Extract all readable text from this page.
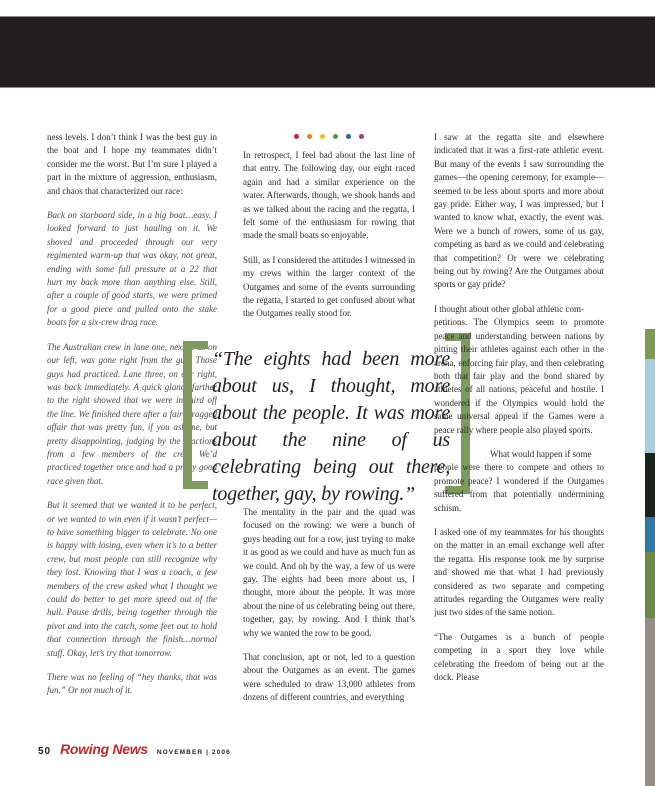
ness levels. I don’t think I was the best guy in the boat and I hope my teammates didn’t consider me the worst. But I’m sure I played a part in the mixture of aggression, enthusiasm, and chaos that characterized our race:

Back on starboard side, in a big boat…easy. I looked forward to just hauling on it. We shoved and proceeded through our very regimented warm-up that was okay, not great, ending with some full pressure at a 22 that hurt my back more than anything else. Still, after a couple of good starts, we were primed for a good piece and pulled onto the stake boats for a six-crew drag race.

The Australian crew in lane one, next to us on our left, was gone right from the gun. Those guys had practiced. Lane three, on our right, was back immediately. A quick glance farther to the right showed that we were in third off the line. We finished there after a fairly ragged affair that was pretty fun, if you ask me, but pretty disappointing, judging by the reactions from a few members of the crew. We’d practiced together once and had a pretty good race given that.

But it seemed that we wanted it to be perfect, or we wanted to win even if it wasn’t perfect—to have something bigger to celebrate. No one is happy with losing, even when it’s to a better crew, but most people can still recognize why they lost. Knowing that I was a coach, a few members of the crew asked what I thought we could do better to get more speed out of the hull. Pause drills, being together through the pivot and into the catch, some feet out to hold that connection through the finish…normal stuff. Okay, let’s try that tomorrow.

There was no feeling of “hey thanks, that was fun.” Or not much of it.

In retrospect, I feel bad about the last line of that entry. The following day, our eight raced again and had a similar experience on the water. Afterwards, though, we shook hands and as we talked about the racing and the regatta, I felt some of the enthusiasm for rowing that made the small boats so enjoyable.

Still, as I considered the attitudes I witnessed in my crews within the larger context of the Outgames and some of the events surrounding the regatta, I started to get confused about what the Outgames really stood for.

“The eights had been more about us, I thought, more about the people. It was more about the nine of us celebrating being out there, together, gay, by rowing.”

The mentality in the pair and the quad was focused on the rowing: we were a bunch of guys heading out for a row, just trying to make it as good as we could and have as much fun as we could. And oh by the way, a few of us were gay. The eights had been more about us, I thought, more about the people. It was more about the nine of us celebrating being out there, together, gay, by rowing. And I think that’s why we wanted the row to be good.

That conclusion, apt or not, led to a question about the Outgames as an event. The games were scheduled to draw 13,000 athletes from dozens of different countries, and everything

I saw at the regatta site and elsewhere indicated that it was a first-rate athletic event. But many of the events I saw surrounding the games—the opening ceremony, for example—seemed to be less about sports and more about gay pride. Either way, I was impressed, but I wanted to know what, exactly, the event was. Were we a bunch of rowers, some of us gay, competing as hard as we could and celebrating that competition? Or were we celebrating being out by rowing? Are the Outgames about sports or gay pride?

I thought about other global athletic com-

petitions. The Olympics seem to promote peace and understanding between nations by pitting their athletes against each other in the arena, enforcing fair play, and then celebrating both that fair play and the bond shared by athletes of all nations, peaceful and hostile. I wondered if the Olympics would hold the same universal appeal if the Games were a peace rally where people also played sports.

What would happen if some

people were there to compete and others to promote peace? I wondered if the Outgames suffered from that potentially undermining schism.

I asked one of my teammates for his thoughts on the matter in an email exchange well after the regatta. His response took me by surprise and showed me that what I had previously considered as two separate and competing attitudes regarding the Outgames were really just two sides of the same notion.

“The Outgames is a bunch of people competing in a sport they love while celebrating the freedom of being out at the dock. Please

50 Rowing News NOVEMBER | 2006
